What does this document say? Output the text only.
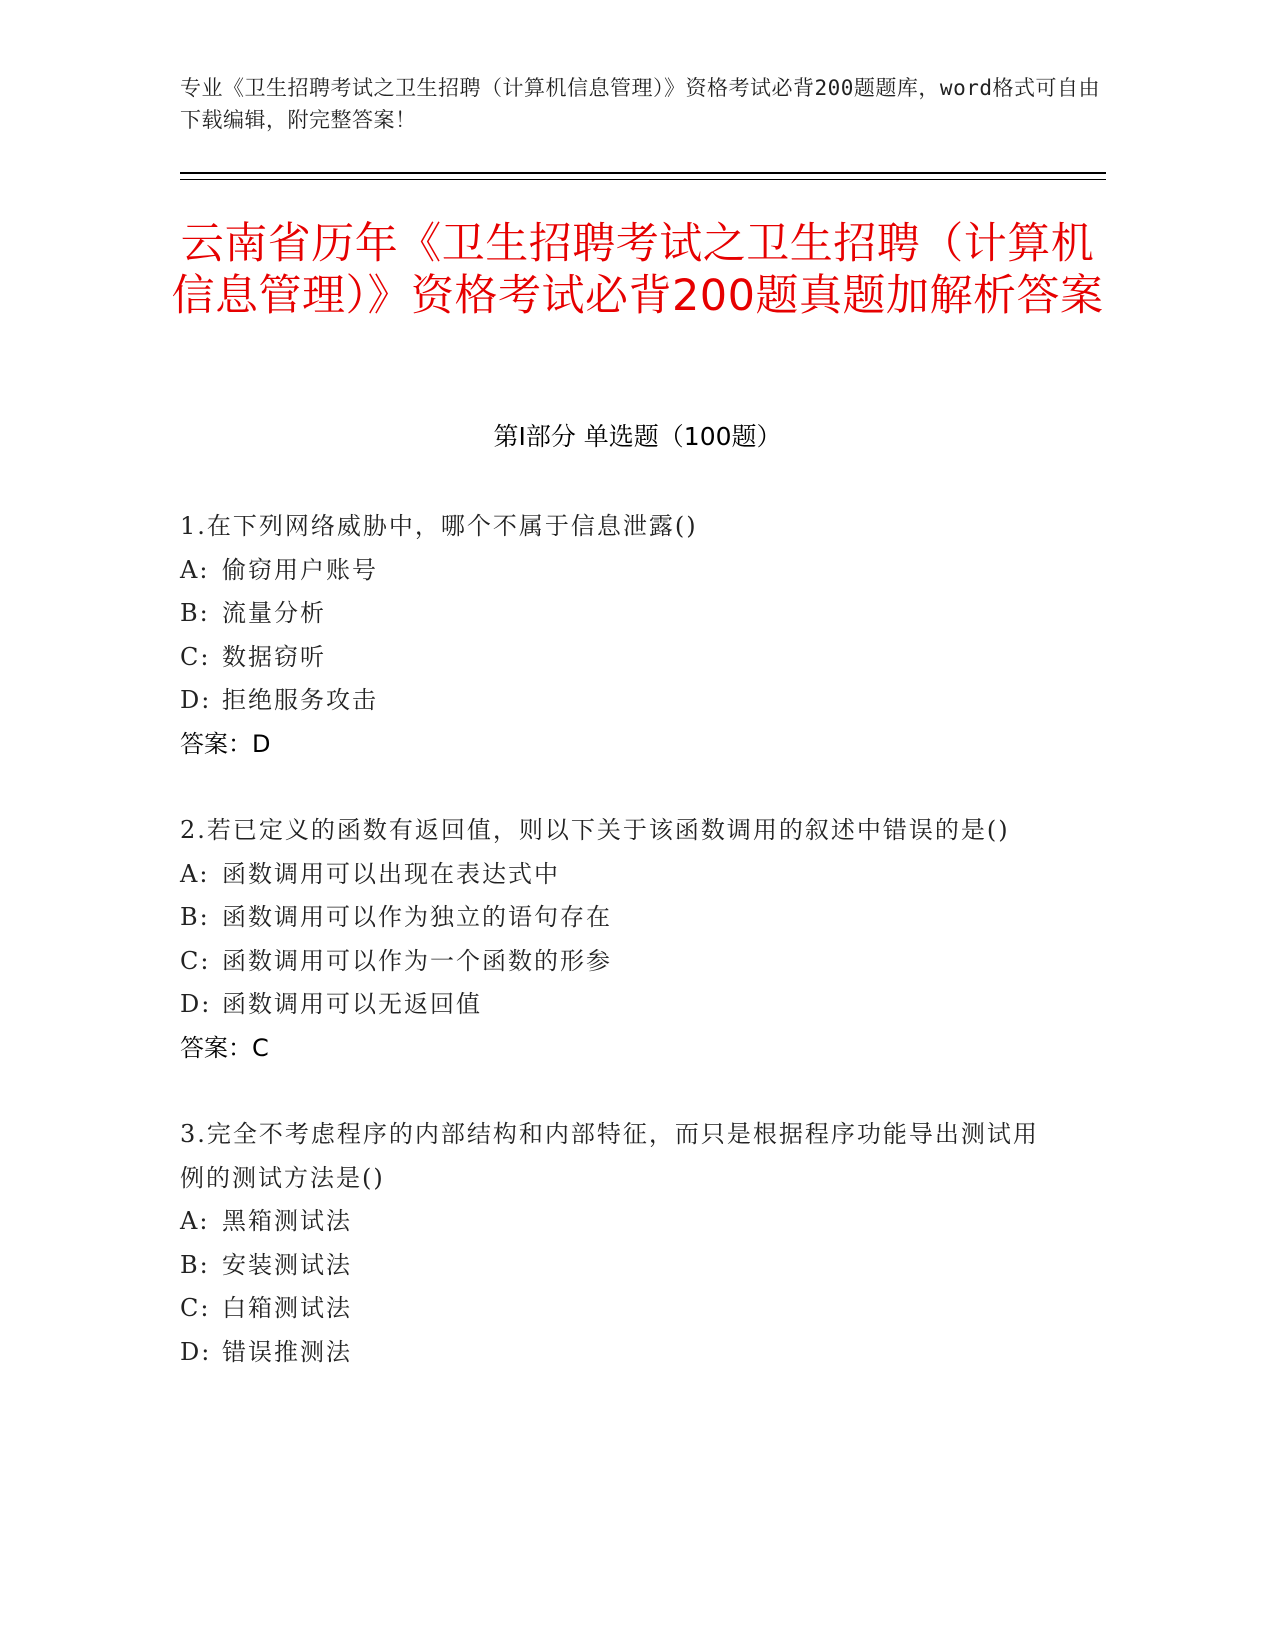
专业《卫生招聘考试之卫生招聘（计算机信息管理）》资格考试必背200题题库，word格式可自由下载编辑，附完整答案！
云南省历年《卫生招聘考试之卫生招聘（计算机信息管理）》资格考试必背200题真题加解析答案
第Ⅰ部分 单选题（100题）
1.在下列网络威胁中，哪个不属于信息泄露()
A: 偷窃用户账号
B: 流量分析
C: 数据窃听
D: 拒绝服务攻击
答案：D
2.若已定义的函数有返回值，则以下关于该函数调用的叙述中错误的是()
A: 函数调用可以出现在表达式中
B: 函数调用可以作为独立的语句存在
C: 函数调用可以作为一个函数的形参
D: 函数调用可以无返回值
答案：C
3.完全不考虑程序的内部结构和内部特征，而只是根据程序功能导出测试用例的测试方法是()
A: 黑箱测试法
B: 安装测试法
C: 白箱测试法
D: 错误推测法
